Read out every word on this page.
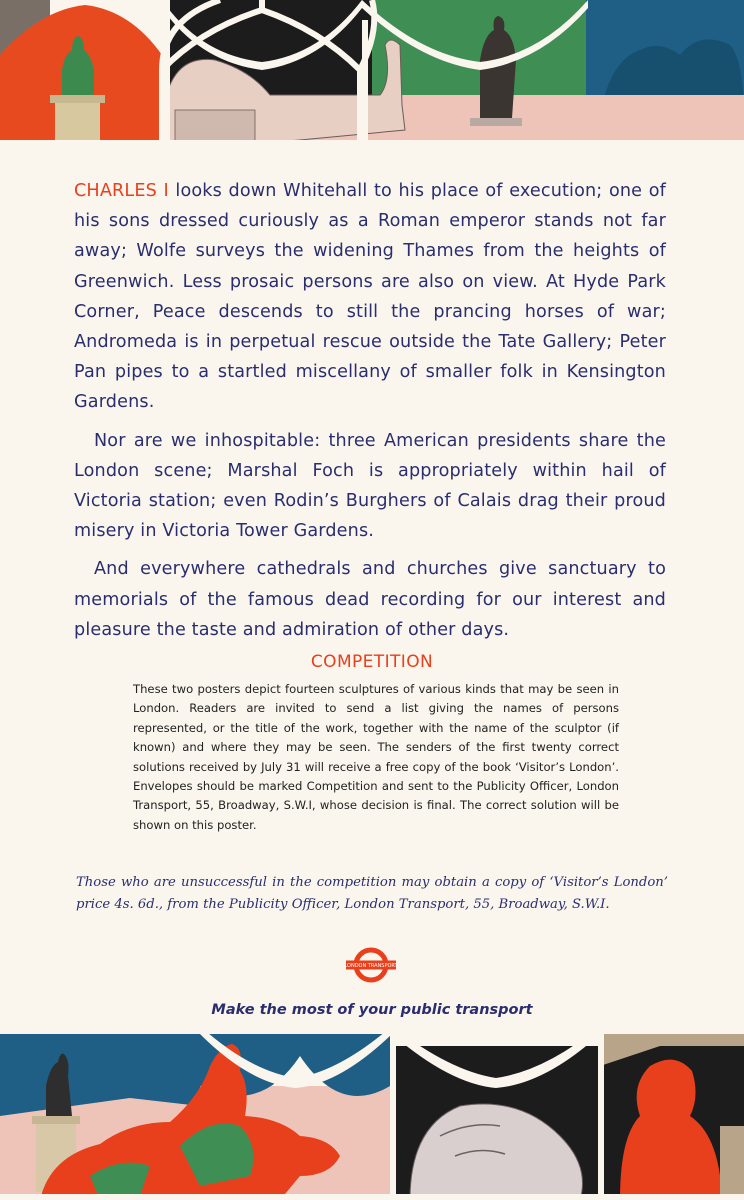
CHARLES I looks down Whitehall to his place of execution; one of his sons dressed curiously as a Roman emperor stands not far away; Wolfe surveys the widening Thames from the heights of Greenwich. Less prosaic persons are also on view. At Hyde Park Corner, Peace descends to still the prancing horses of war; Andromeda is in perpetual rescue outside the Tate Gallery; Peter Pan pipes to a startled miscellany of smaller folk in Kensington Gardens.

Nor are we inhospitable: three American presidents share the London scene; Marshal Foch is appropriately within hail of Victoria station; even Rodin’s Burghers of Calais drag their proud misery in Victoria Tower Gardens.

And everywhere cathedrals and churches give sanctuary to memorials of the famous dead recording for our interest and pleasure the taste and admiration of other days.

COMPETITION
These two posters depict fourteen sculptures of various kinds that may be seen in London. Readers are invited to send a list giving the names of persons represented, or the title of the work, together with the name of the sculptor (if known) and where they may be seen. The senders of the first twenty correct solutions received by July 31 will receive a free copy of the book ‘Visitor’s London’. Envelopes should be marked Competition and sent to the Publicity Officer, London Transport, 55, Broadway, S.W.I, whose decision is final. The correct solution will be shown on this poster.
Those who are unsuccessful in the competition may obtain a copy of ‘Visitor’s London’ price 4s. 6d., from the Publicity Officer, London Transport, 55, Broadway, S.W.I.
LONDON TRANSPORT
Make the most of your public transport
